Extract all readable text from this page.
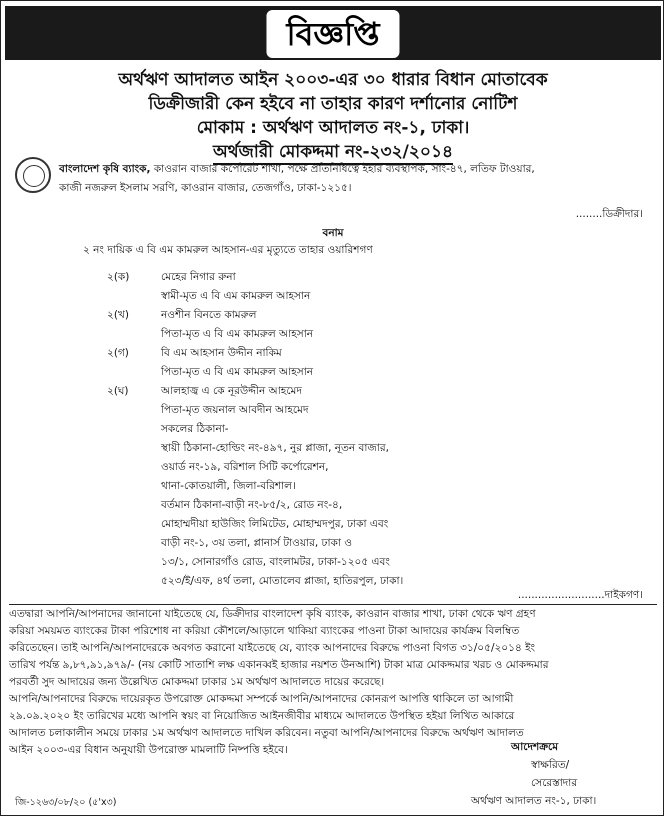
বিজ্ঞপ্তি
অর্থঋণ আদালত আইন ২০০৩-এর ৩০ ধারার বিধান মোতাবেক
ডিক্রীজারী কেন হইবে না তাহার কারণ দর্শানোর নোটিশ
মোকাম : অর্থঋণ আদালত নং-১, ঢাকা।
অর্থজারী মোকদ্দমা নং-২৩২/২০১৪
বাংলাদেশ কৃষি ব্যাংক, কাওরান বাজার কর্পোরেট শাখা, পক্ষে প্রতিনিধিত্বে ইহার ব্যবস্থাপক, সাং-৪৭, লতিফ টাওয়ার,
কাজী নজরুল ইসলাম সরণি, কাওরান বাজার, তেজগাঁও, ঢাকা-১২১৫।
........ডিক্রীদার।
বনাম
২ নং দায়িক এ বি এম কামরুল আহসান-এর মৃত্যুতে তাহার ওয়ারিশগণ
২(ক)	মেহের নিগার রুনা
স্বামী-মৃত এ বি এম কামরুল আহসান
২(খ)	নওশীন বিনতে কামরুল
পিতা-মৃত এ বি এম কামরুল আহসান
২(গ)	বি এম আহসান উদ্দীন নাকিম
পিতা-মৃত এ বি এম কামরুল আহসান
২(ঘ)	আলহাজ্ব এ কে নূরউদ্দীন আহমেদ
পিতা-মৃত জয়নাল আবদীন আহমেদ
সকলের ঠিকানা-
স্থায়ী ঠিকানা-হোল্ডিং নং-৪৯৭, নুর প্লাজা, নূতন বাজার,
ওয়ার্ড নং-১৯, বরিশাল সিটি কর্পোরেশন,
থানা-কোতয়ালী, জিলা-বরিশাল।
বর্তমান ঠিকানা-বাড়ী নং-৮৫/২, রোড নং-৪,
মোহাম্মদীয়া হাউজিং লিমিটেড, মোহাম্মদপুর, ঢাকা এবং
বাড়ী নং-১, ৩য় তলা, প্লানার্স টাওয়ার, ঢাকা ও
১৩/১, সোনারগাঁও রোড, বাংলামটর, ঢাকা-১২০৫ এবং
৫২৩/ই/এফ, ৪র্থ তলা, মোতালেব প্লাজা, হাতিরপুল, ঢাকা।
..........................দাইকগণ।
এতদ্বারা আপনি/আপনাদের জানানো যাইতেছে যে, ডিক্রীদার বাংলাদেশ কৃষি ব্যাংক, কাওরান বাজার শাখা, ঢাকা থেকে ঋণ গ্রহণ
করিয়া সময়মত ব্যাংকের টাকা পরিশোধ না করিয়া কৌশলে/আড়ালে থাকিয়া ব্যাংকের পাওনা টাকা আদায়ের কার্যক্রম বিলম্বিত
করিতেছেন। তাই আপনি/আপনাদেরকে অবগত করানো যাইতেছে যে, ব্যাংক আপনাদের বিরুদ্ধে পাওনা বিগত ৩১/০৫/২০১৪ ইং
তারিখ পর্যন্ত ৯,৮৭,৯১,৯৭৯/- (নয় কোটি সাতাশি লক্ষ একানব্বই হাজার নয়শত উনআশি) টাকা মাত্র মোকদ্দমার খরচ ও মোকদ্দমার
পরবর্তী সুদ আদায়ের জন্য উল্লেখিত মোকদ্দমা ঢাকার ১ম অর্থঋণ আদালতে দায়ের করেছে।
আপনি/আপনাদের বিরুদ্ধে দায়েরকৃত উপরোক্ত মোকদ্দমা সম্পর্কে আপনি/আপনাদের কোনরূপ আপত্তি থাকিলে তা আগামী
২৯.০৯.২০২০ ইং তারিখের মধ্যে আপনি স্বয়ং বা নিয়োজিত আইনজীবীর মাধ্যমে আদালতে উপস্থিত হইয়া লিখিত আকারে
আদালত চলাকালীন সময়ে ঢাকার ১ম অর্থঋণ আদালতে দাখিল করিবেন। নতুবা আপনি/আপনাদের বিরুদ্ধে অর্থঋণ আদালত
আইন ২০০৩-এর বিধান অনুযায়ী উপরোক্ত মামলাটি নিষ্পত্তি হইবে।	আদেশক্রমে
স্বাক্ষরিত/
সেরেস্তাদার
অর্থঋণ আদালত নং-১, ঢাকা।
জি-১২৬৩/০৮/২০ (৫'x৩)
